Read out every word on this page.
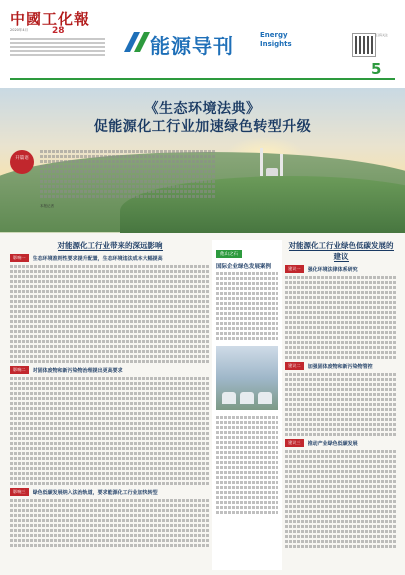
中國工化報
2020年4月	28
能源导刊	Energy
Insights
扫码关注
5
《生态环境法典》
促能源化工行业加速绿色转型升级
开篇语
本报记者
对能源化工行业带来的深远影响
影响一	生态环境准则性要求提升配置，生态环境违法成本大幅提高
影响二	对固体废物和新污染物治理提出更高要求
影响三	绿色低碳发展纳入法治轨道，要求能源化工行业加快转型
他山之石
国际企业绿色发展案例
对能源化工行业绿色低碳发展的建议
建议一	强化环境法律体系研究
建议二	加强固体废物和新污染物管控
建议三	推动产业绿色低碳发展
